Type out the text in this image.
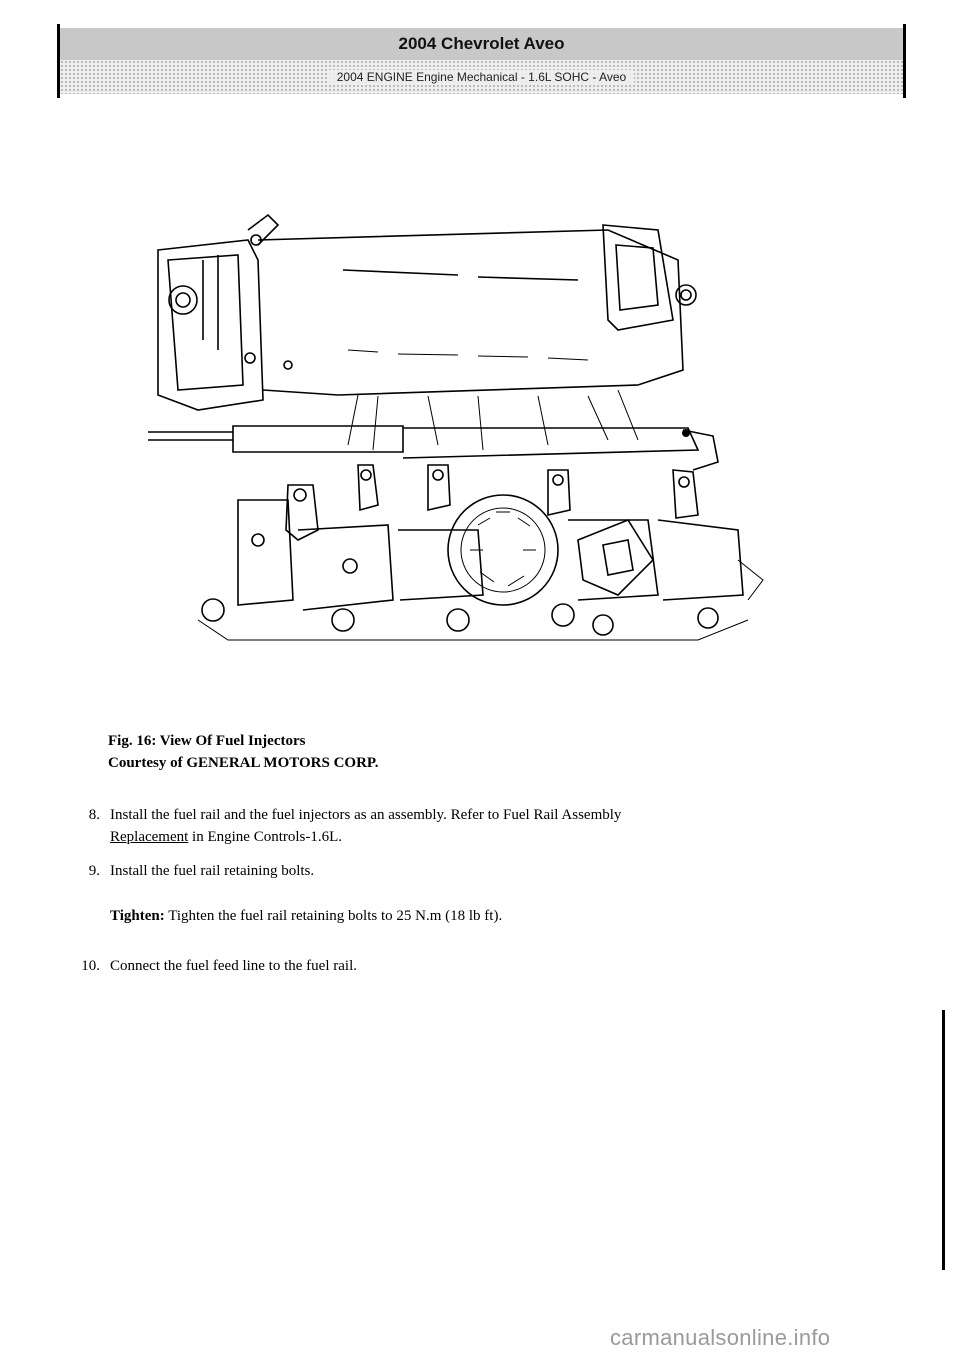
2004 Chevrolet Aveo
2004 ENGINE Engine Mechanical - 1.6L SOHC - Aveo
Fig. 16: View Of Fuel Injectors
Courtesy of GENERAL MOTORS CORP.
8. Install the fuel rail and the fuel injectors as an assembly. Refer to Fuel Rail Assembly
Replacement in Engine Controls-1.6L.
9. Install the fuel rail retaining bolts.
Tighten: Tighten the fuel rail retaining bolts to 25 N.m (18 lb ft).
10. Connect the fuel feed line to the fuel rail.
carmanualsonline.info
